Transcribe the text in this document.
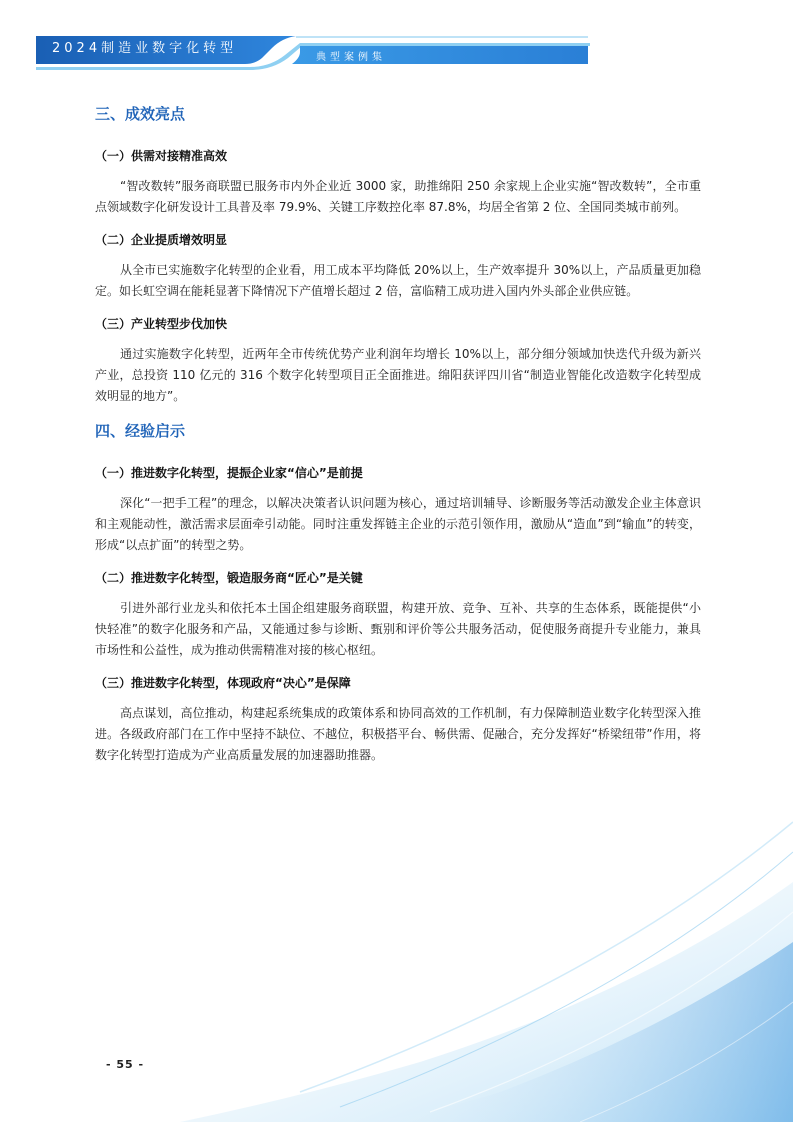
2024制造业数字化转型
典型案例集
三、成效亮点
（一）供需对接精准高效

“智改数转”服务商联盟已服务市内外企业近 3000 家，助推绵阳 250 余家规上企业实施“智改数转”，全市重点领域数字化研发设计工具普及率 79.9%、关键工序数控化率 87.8%，均居全省第 2 位、全国同类城市前列。

（二）企业提质增效明显

从全市已实施数字化转型的企业看，用工成本平均降低 20%以上，生产效率提升 30%以上，产品质量更加稳定。如长虹空调在能耗显著下降情况下产值增长超过 2 倍，富临精工成功进入国内外头部企业供应链。

（三）产业转型步伐加快

通过实施数字化转型，近两年全市传统优势产业利润年均增长 10%以上，部分细分领域加快迭代升级为新兴产业，总投资 110 亿元的 316 个数字化转型项目正全面推进。绵阳获评四川省“制造业智能化改造数字化转型成效明显的地方”。

四、经验启示
（一）推进数字化转型，提振企业家“信心”是前提

深化“一把手工程”的理念，以解决决策者认识问题为核心，通过培训辅导、诊断服务等活动激发企业主体意识和主观能动性，激活需求层面牵引动能。同时注重发挥链主企业的示范引领作用，激励从“造血”到“输血”的转变，形成“以点扩面”的转型之势。

（二）推进数字化转型，锻造服务商“匠心”是关键

引进外部行业龙头和依托本土国企组建服务商联盟，构建开放、竞争、互补、共享的生态体系，既能提供“小快轻准”的数字化服务和产品，又能通过参与诊断、甄别和评价等公共服务活动，促使服务商提升专业能力，兼具市场性和公益性，成为推动供需精准对接的核心枢纽。

（三）推进数字化转型，体现政府“决心”是保障

高点谋划，高位推动，构建起系统集成的政策体系和协同高效的工作机制，有力保障制造业数字化转型深入推进。各级政府部门在工作中坚持不缺位、不越位，积极搭平台、畅供需、促融合，充分发挥好“桥梁纽带”作用，将数字化转型打造成为产业高质量发展的加速器助推器。

- 55 -
